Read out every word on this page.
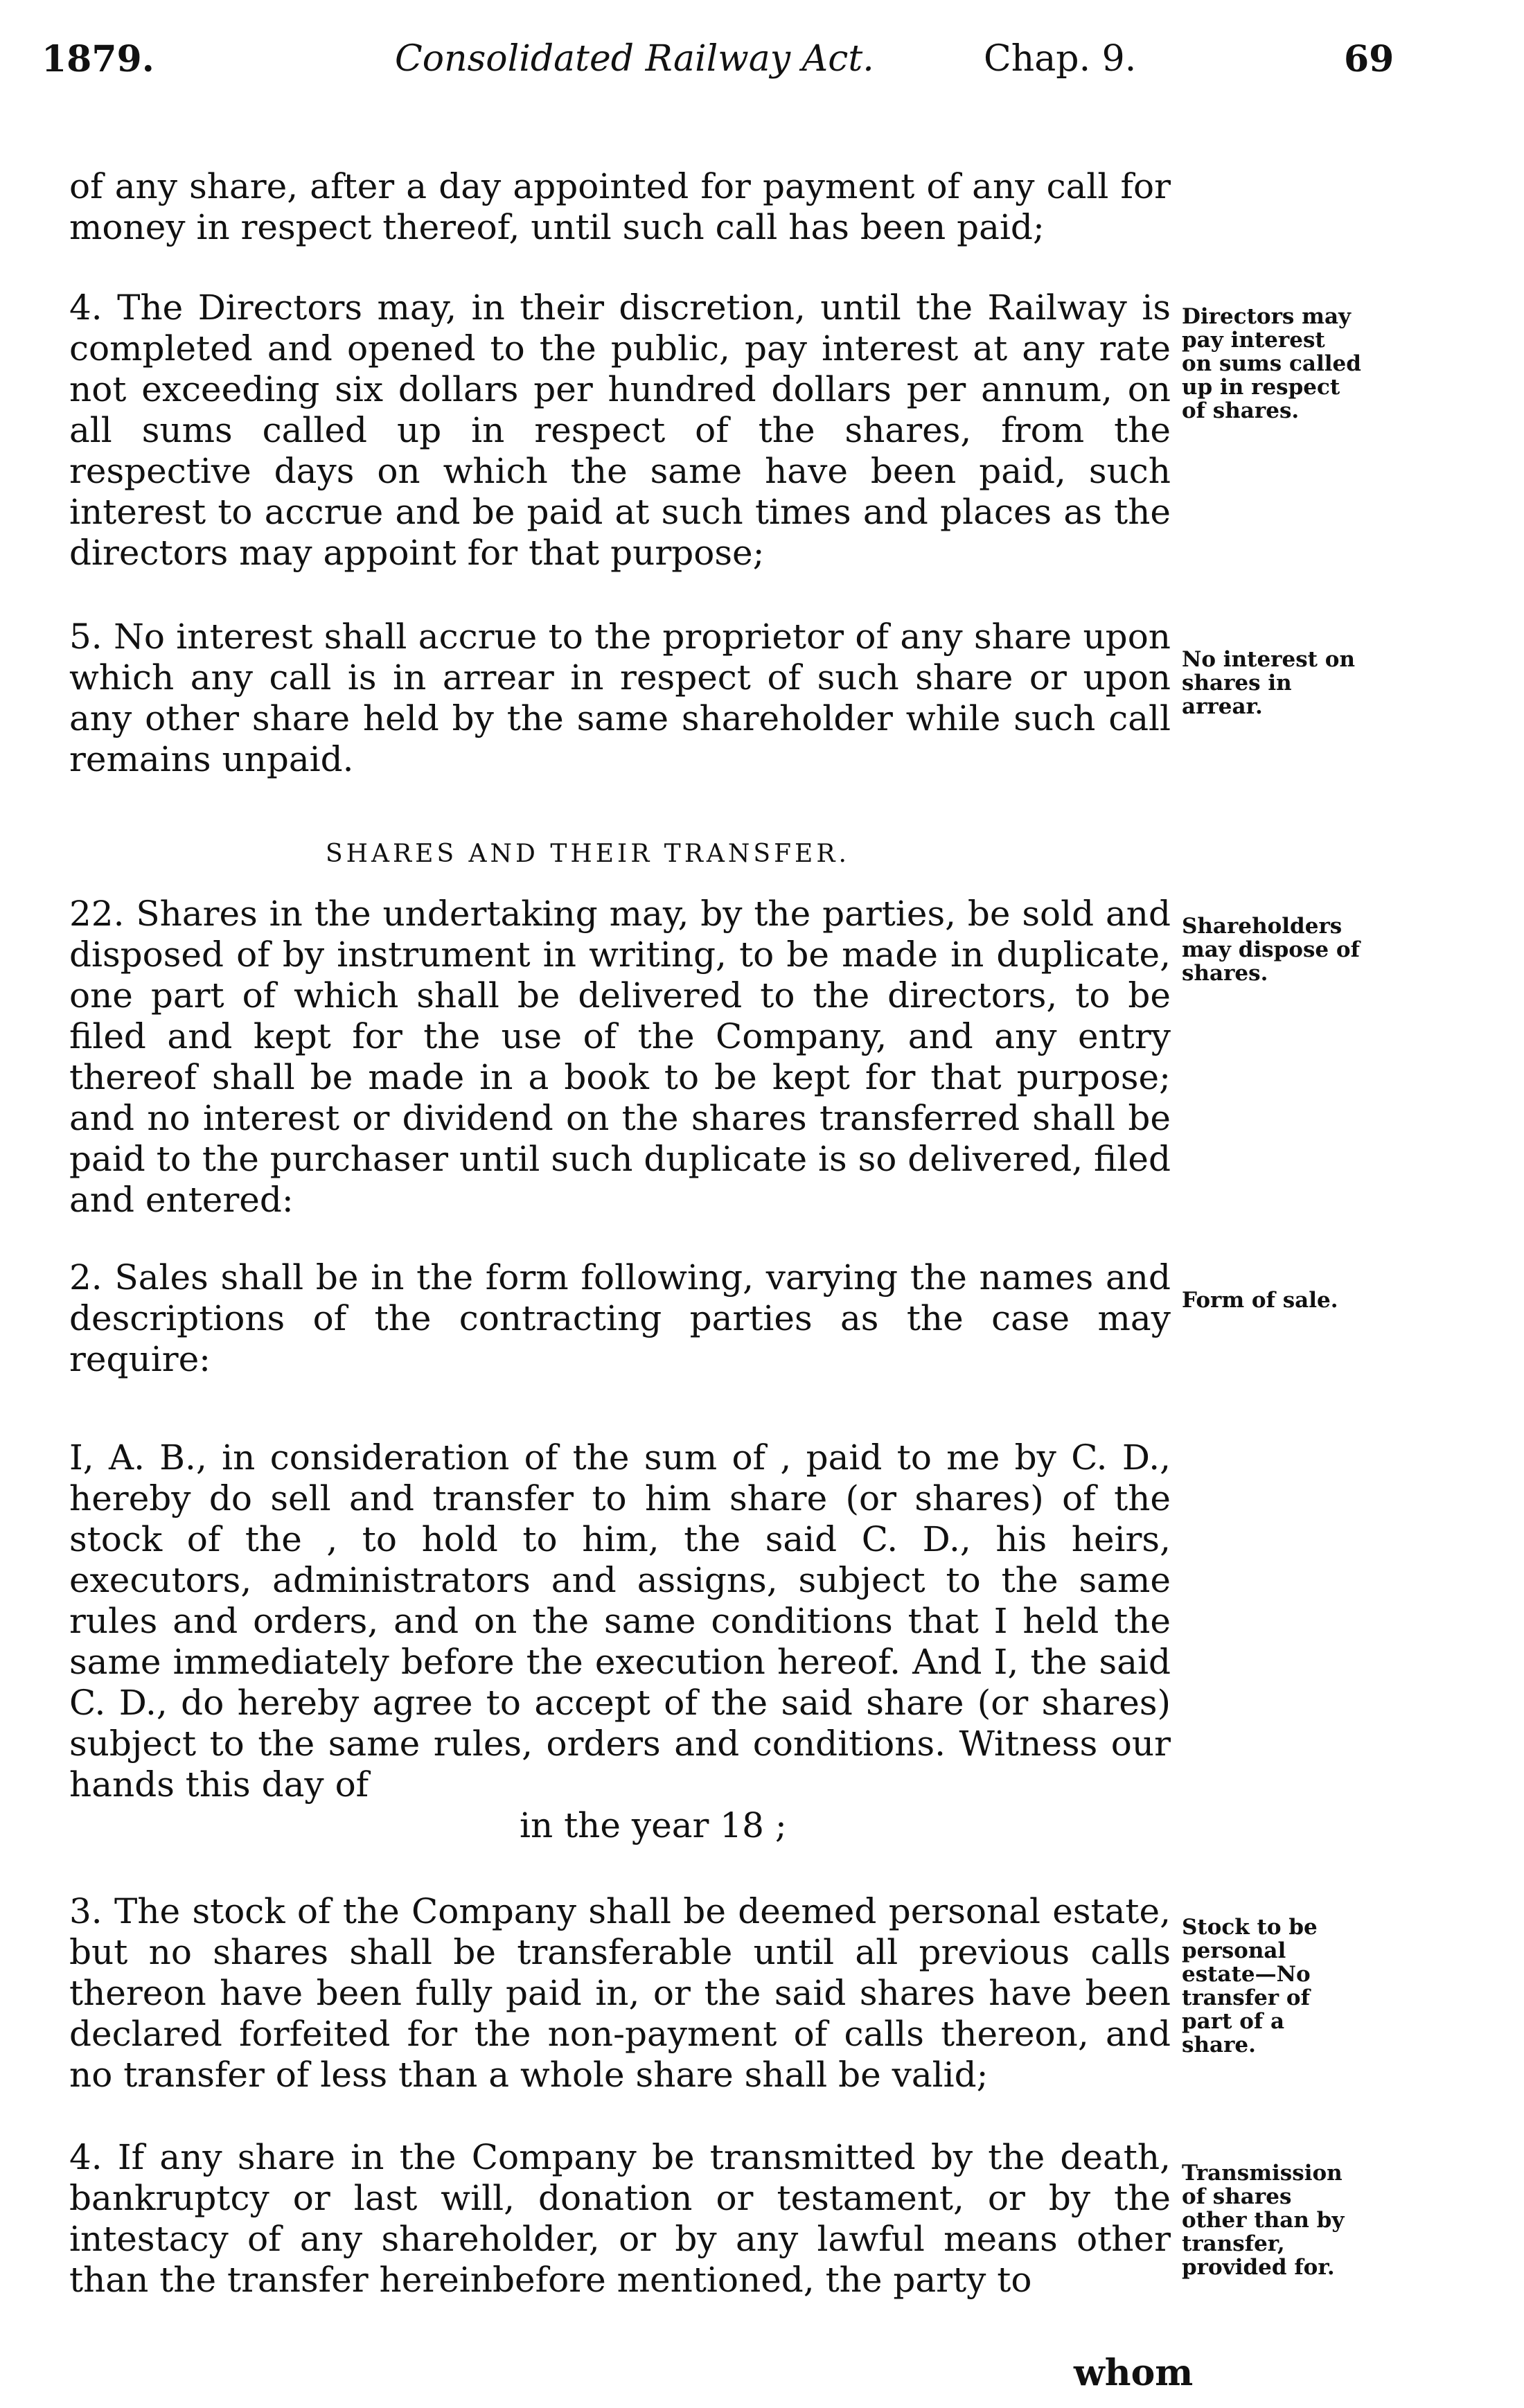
1879.	Consolidated Railway Act.	Chap. 9.	69

of any share, after a day appointed for payment of any call for money in respect thereof, until such call has been paid;

4. The Directors may, in their discretion, until the Railway is completed and opened to the public, pay interest at any rate not exceeding six dollars per hundred dollars per annum, on all sums called up in respect of the shares, from the respective days on which the same have been paid, such interest to accrue and be paid at such times and places as the directors may appoint for that purpose;

Directors may pay interest on sums called up in respect of shares.

5. No interest shall accrue to the proprietor of any share upon which any call is in arrear in respect of such share or upon any other share held by the same shareholder while such call remains unpaid.

No interest on shares in arrear.
SHARES AND THEIR TRANSFER.

22. Shares in the undertaking may, by the parties, be sold and disposed of by instrument in writing, to be made in duplicate, one part of which shall be delivered to the directors, to be filed and kept for the use of the Company, and any entry thereof shall be made in a book to be kept for that purpose; and no interest or dividend on the shares transferred shall be paid to the purchaser until such duplicate is so delivered, filed and entered:

Shareholders may dispose of shares.

2. Sales shall be in the form following, varying the names and descriptions of the contracting parties as the case may require:

Form of sale.

I, A. B., in consideration of the sum of , paid to me by C. D., hereby do sell and transfer to him share (or shares) of the stock of the , to hold to him, the said C. D., his heirs, executors, administrators and assigns, subject to the same rules and orders, and on the same conditions that I held the same immediately before the execution hereof. And I, the said C. D., do hereby agree to accept of the said share (or shares) subject to the same rules, orders and conditions. Witness our hands this day of

in the year 18 ;

3. The stock of the Company shall be deemed personal estate, but no shares shall be transferable until all previous calls thereon have been fully paid in, or the said shares have been declared forfeited for the non-payment of calls thereon, and no transfer of less than a whole share shall be valid;

Stock to be personal estate—No transfer of part of a share.

4. If any share in the Company be transmitted by the death, bankruptcy or last will, donation or testament, or by the intestacy of any shareholder, or by any lawful means other than the transfer hereinbefore mentioned, the party to

Transmission of shares other than by transfer, provided for.
whom
